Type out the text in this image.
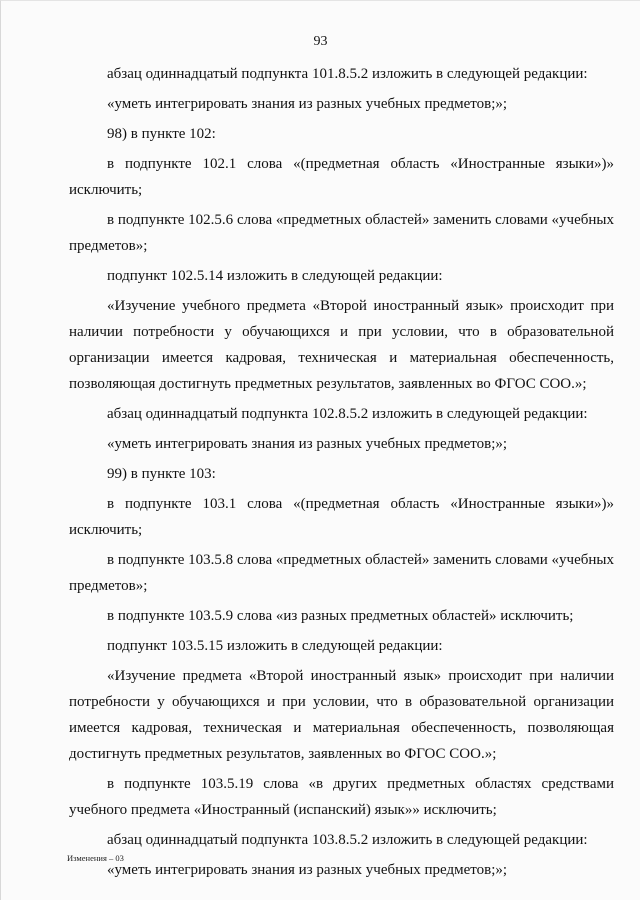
93

абзац одиннадцатый подпункта 101.8.5.2 изложить в следующей редакции:

«уметь интегрировать знания из разных учебных предметов;»;

98) в пункте 102:

в подпункте 102.1 слова «(предметная область «Иностранные языки»)» исключить;

в подпункте 102.5.6 слова «предметных областей» заменить словами «учебных предметов»;

подпункт 102.5.14 изложить в следующей редакции:

«Изучение учебного предмета «Второй иностранный язык» происходит при наличии потребности у обучающихся и при условии, что в образовательной организации имеется кадровая, техническая и материальная обеспеченность, позволяющая достигнуть предметных результатов, заявленных во ФГОС СОО.»;

абзац одиннадцатый подпункта 102.8.5.2 изложить в следующей редакции:

«уметь интегрировать знания из разных учебных предметов;»;

99) в пункте 103:

в подпункте 103.1 слова «(предметная область «Иностранные языки»)» исключить;

в подпункте 103.5.8 слова «предметных областей» заменить словами «учебных предметов»;

в подпункте 103.5.9 слова «из разных предметных областей» исключить;

подпункт 103.5.15 изложить в следующей редакции:

«Изучение предмета «Второй иностранный язык» происходит при наличии потребности у обучающихся и при условии, что в образовательной организации имеется кадровая, техническая и материальная обеспеченность, позволяющая достигнуть предметных результатов, заявленных во ФГОС СОО.»;

в подпункте 103.5.19 слова «в других предметных областях средствами учебного предмета «Иностранный (испанский) язык»» исключить;

абзац одиннадцатый подпункта 103.8.5.2 изложить в следующей редакции:

«уметь интегрировать знания из разных учебных предметов;»;

Изменения – 03
